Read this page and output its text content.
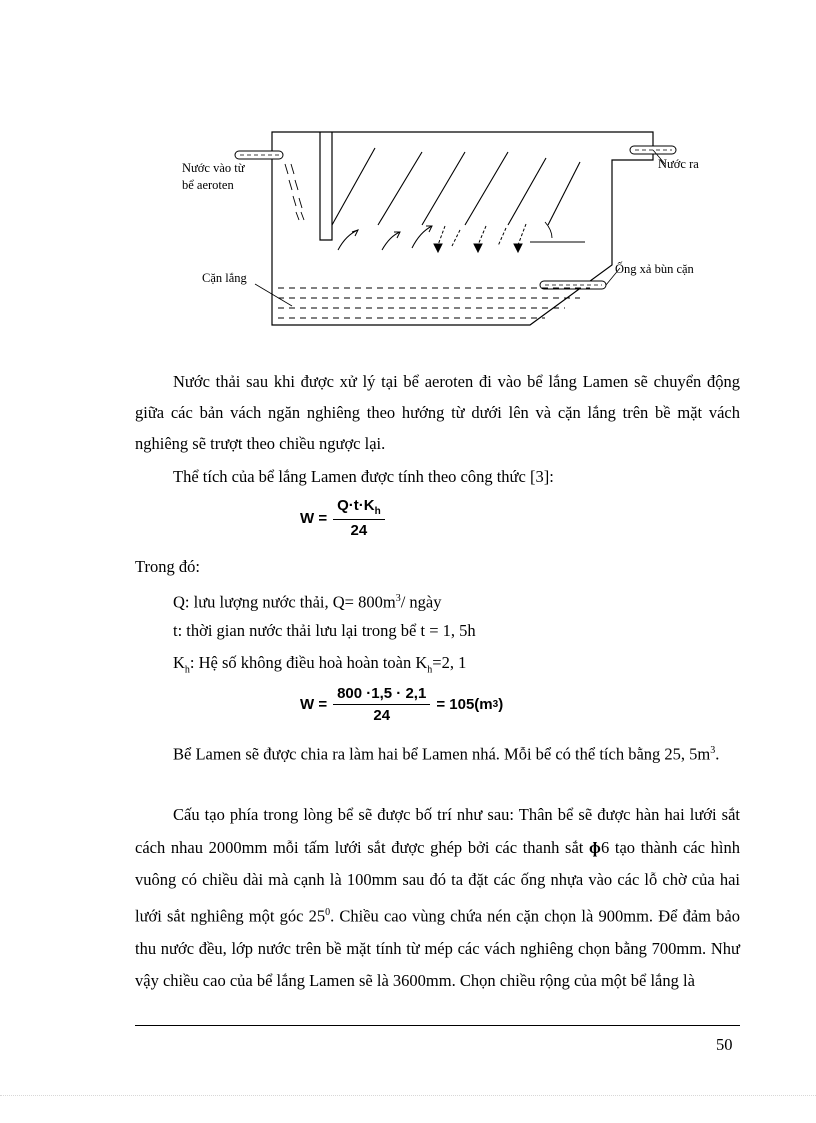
Nước vào từ
bể aeroten
Nước ra
Cặn lắng
Ống xả bùn cặn

Nước thải sau khi được xử lý tại bể aeroten đi vào bể lắng Lamen sẽ chuyển động giữa các bản vách ngăn nghiêng theo hướng từ dưới lên và cặn lắng trên bề mặt vách nghiêng sẽ trượt theo chiều ngược lại.

Thể tích của bể lắng Lamen được tính theo công thức [3]:

$W = \frac{Q\cdot t\cdot K_h}{24}$
Trong đó:
Q: lưu lượng nước thải, $Q= 800m^3/$ ngày
t: thời gian nước thải lưu lại trong bể t = 1, 5h
$K_h$: Hệ số không điều hoà hoàn toàn $K_h=2$, 1
$W = \frac{800 \cdot 1,5 \cdot 2,1}{24} = 105(m$ 3 )

Bể Lamen sẽ được chia ra làm hai bể Lamen nhá. Mỗi bể có thể tích bằng 25, $5m^3$.

Cấu tạo phía trong lòng bể sẽ được bố trí như sau: Thân bể sẽ được hàn hai lưới sắt cách nhau 2000mm mỗi tấm lưới sắt được ghép bởi các thanh sắt ɸ6 tạo thành các hình vuông có chiều dài mà cạnh là 100mm sau đó ta đặt các ống nhựa vào các lỗ chờ của hai lưới sắt nghiêng một góc $25^0$. Chiều cao vùng chứa nén cặn chọn là 900mm. Để đảm bảo thu nước đều, lớp nước trên bề mặt tính từ mép các vách nghiêng chọn bằng 700mm. Như vậy chiều cao của bể lắng Lamen sẽ là 3600mm. Chọn chiều rộng của một bể lắng là

50
